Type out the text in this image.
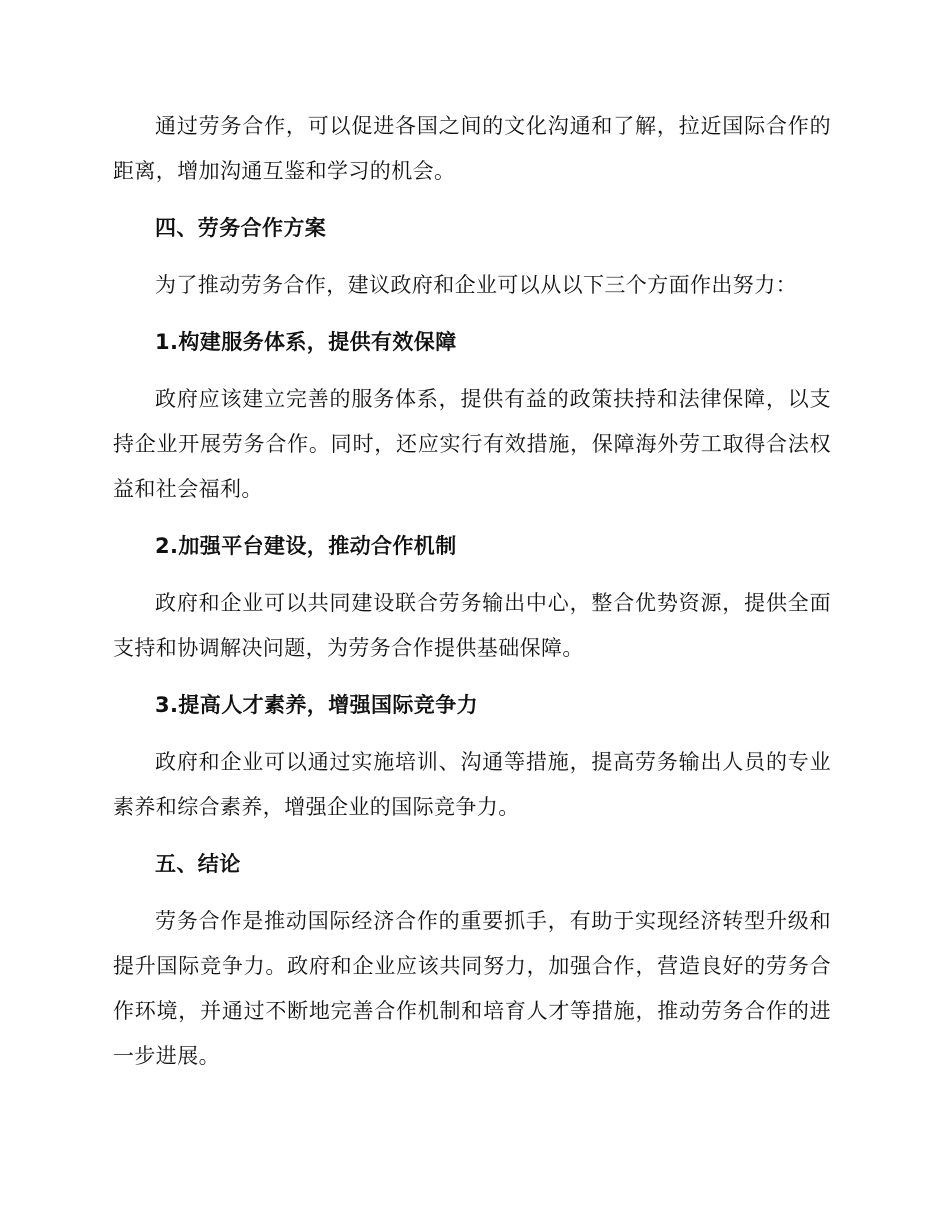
通过劳务合作，可以促进各国之间的文化沟通和了解，拉近国际合作的距离，增加沟通互鉴和学习的机会。

四、劳务合作方案

为了推动劳务合作，建议政府和企业可以从以下三个方面作出努力：

1.构建服务体系，提供有效保障

政府应该建立完善的服务体系，提供有益的政策扶持和法律保障，以支持企业开展劳务合作。同时，还应实行有效措施，保障海外劳工取得合法权益和社会福利。

2.加强平台建设，推动合作机制

政府和企业可以共同建设联合劳务输出中心，整合优势资源，提供全面支持和协调解决问题，为劳务合作提供基础保障。

3.提高人才素养，增强国际竞争力

政府和企业可以通过实施培训、沟通等措施，提高劳务输出人员的专业素养和综合素养，增强企业的国际竞争力。

五、结论

劳务合作是推动国际经济合作的重要抓手，有助于实现经济转型升级和提升国际竞争力。政府和企业应该共同努力，加强合作，营造良好的劳务合作环境，并通过不断地完善合作机制和培育人才等措施，推动劳务合作的进一步进展。
